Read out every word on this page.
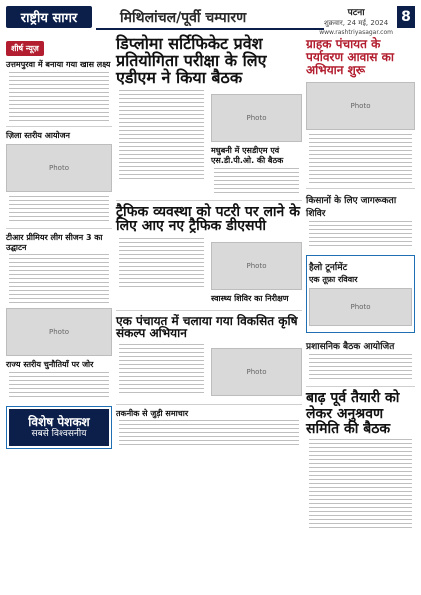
राष्ट्रीय सागर	मिथिलांचल/पूर्वी चम्पारण	पटना
शुक्रवार, 24 मई, 2024
www.rashtriyasagar.com
8
शीर्ष न्यूज़
उत्तमपुरवा में बनाया गया खास लक्ष्य
ज़िला स्तरीय आयोजन
Photo
टीआर प्रीमियर लीग सीजन 3 का उद्घाटन
Photo
राज्य स्तरीय चुनौतियाँ पर जोर
विशेष पेशकश
सबसे विश्वसनीय
डिप्लोमा सर्टिफिकेट प्रवेश प्रतियोगिता परीक्षा के लिए एडीएम ने किया बैठक
Photo
मधुबनी में एसडीएम एवं एस.डी.पी.ओ. की बैठक
ट्रैफिक व्यवस्था को पटरी पर लाने के लिए आए नए ट्रैफिक डीएसपी
Photo
स्वास्थ्य शिविर का निरीक्षण
एक पंचायत में चलाया गया विकसित कृषि संकल्प अभियान
Photo
तकनीक से जुड़ी समाचार
ग्राहक पंचायत के पर्यावरण आवास का अभियान शुरू
Photo
किसानों के लिए जागरूकता शिविर
हैलो टूर्नामेंट
एक तूफ़ा रविवार
Photo
प्रशासनिक बैठक आयोजित
बाढ़ पूर्व तैयारी को लेकर अनुश्रवण समिति की बैठक
